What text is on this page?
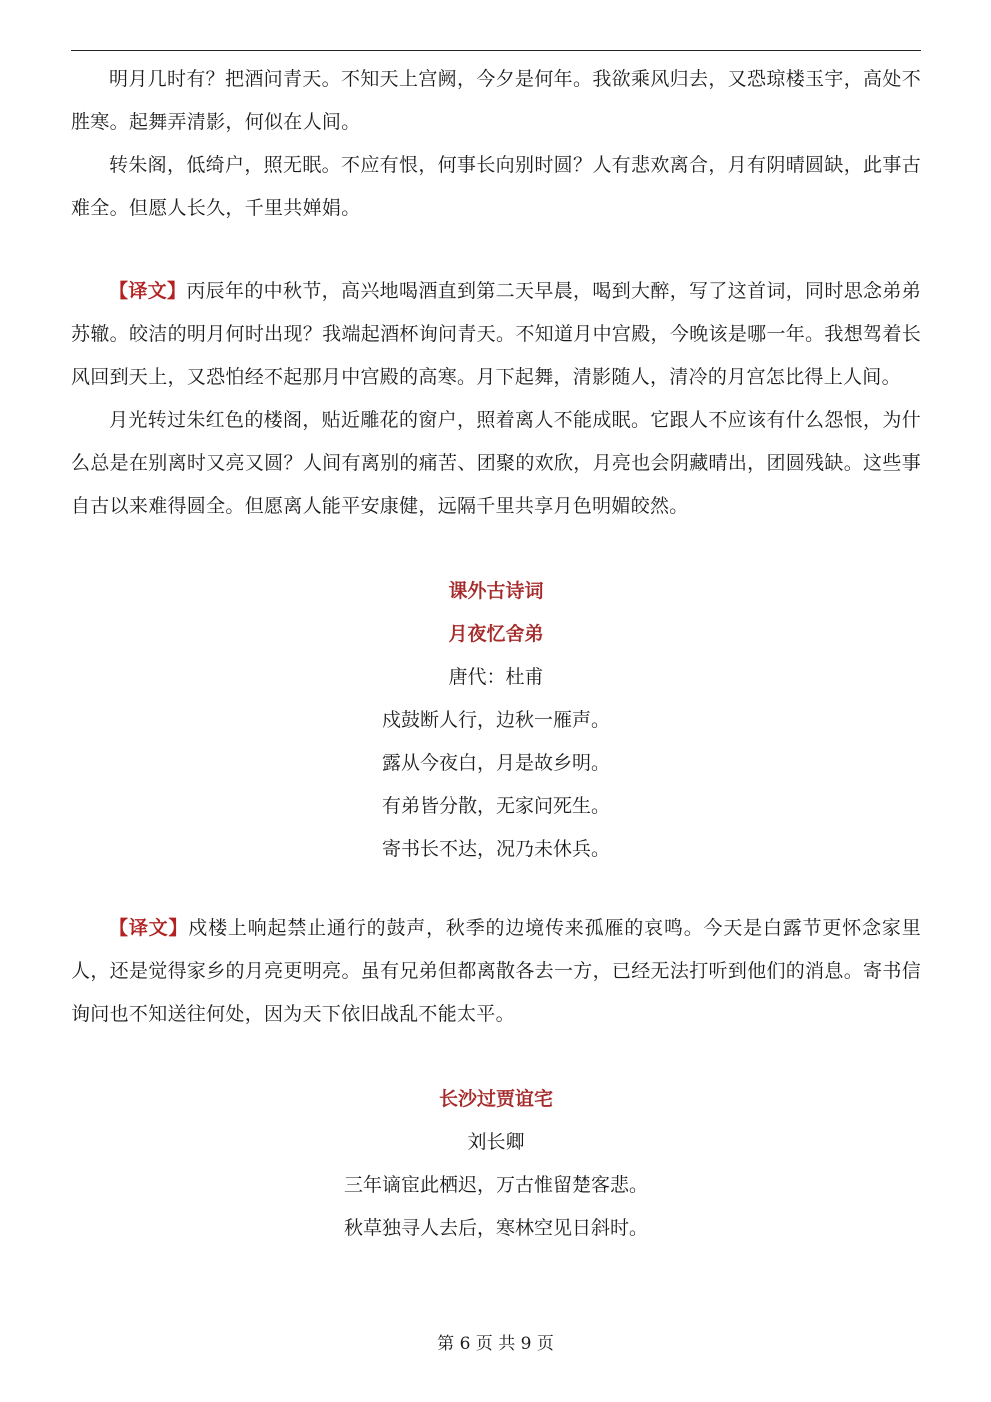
明月几时有？把酒问青天。不知天上宫阙，今夕是何年。我欲乘风归去，又恐琼楼玉宇，高处不胜寒。起舞弄清影，何似在人间。

转朱阁，低绮户，照无眠。不应有恨，何事长向别时圆？人有悲欢离合，月有阴晴圆缺，此事古难全。但愿人长久，千里共婵娟。

【译文】丙辰年的中秋节，高兴地喝酒直到第二天早晨，喝到大醉，写了这首词，同时思念弟弟苏辙。皎洁的明月何时出现？我端起酒杯询问青天。不知道月中宫殿，今晚该是哪一年。我想驾着长风回到天上，又恐怕经不起那月中宫殿的高寒。月下起舞，清影随人，清冷的月宫怎比得上人间。

月光转过朱红色的楼阁，贴近雕花的窗户，照着离人不能成眠。它跟人不应该有什么怨恨，为什么总是在别离时又亮又圆？人间有离别的痛苦、团聚的欢欣，月亮也会阴藏晴出，团圆残缺。这些事自古以来难得圆全。但愿离人能平安康健，远隔千里共享月色明媚皎然。

课外古诗词

月夜忆舍弟

唐代：杜甫

戍鼓断人行，边秋一雁声。

露从今夜白，月是故乡明。

有弟皆分散，无家问死生。

寄书长不达，况乃未休兵。

【译文】戍楼上响起禁止通行的鼓声，秋季的边境传来孤雁的哀鸣。今天是白露节更怀念家里人，还是觉得家乡的月亮更明亮。虽有兄弟但都离散各去一方，已经无法打听到他们的消息。寄书信询问也不知送往何处，因为天下依旧战乱不能太平。

长沙过贾谊宅

刘长卿

三年谪宦此栖迟，万古惟留楚客悲。

秋草独寻人去后，寒林空见日斜时。

第 6 页 共 9 页
